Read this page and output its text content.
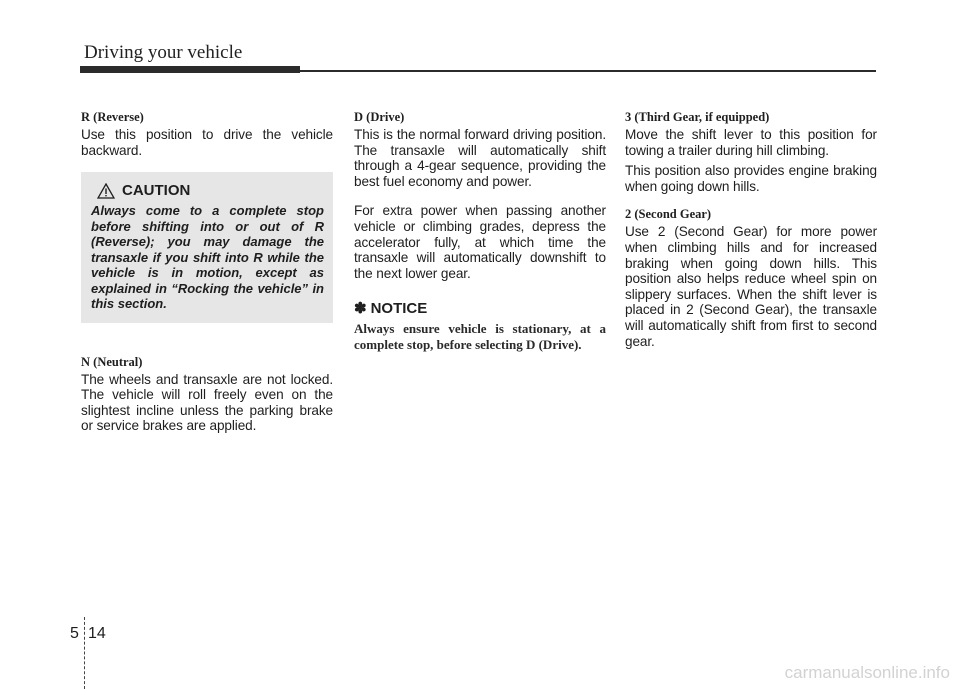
Driving your vehicle

R (Reverse)

Use this position to drive the vehicle backward.

CAUTION

Always come to a complete stop before shifting into or out of R (Reverse); you may damage the transaxle if you shift into R while the vehicle is in motion, except as explained in “Rocking the vehicle” in this section.

N (Neutral)

The wheels and transaxle are not locked. The vehicle will roll freely even on the slightest incline unless the parking brake or service brakes are applied.

D (Drive)

This is the normal forward driving position. The transaxle will automatically shift through a 4-gear sequence, providing the best fuel economy and power.

For extra power when passing another vehicle or climbing grades, depress the accelerator fully, at which time the transaxle will automatically downshift to the next lower gear.

✽ NOTICE

Always ensure vehicle is stationary, at a complete stop, before selecting D (Drive).

3 (Third Gear, if equipped)

Move the shift lever to this position for towing a trailer during hill climbing.

This position also provides engine braking when going down hills.

2 (Second Gear)

Use 2 (Second Gear) for more power when climbing hills and for increased braking when going down hills. This position also helps reduce wheel spin on slippery surfaces. When the shift lever is placed in 2 (Second Gear), the transaxle will automatically shift from first to second gear.

5 14
carmanualsonline.info
